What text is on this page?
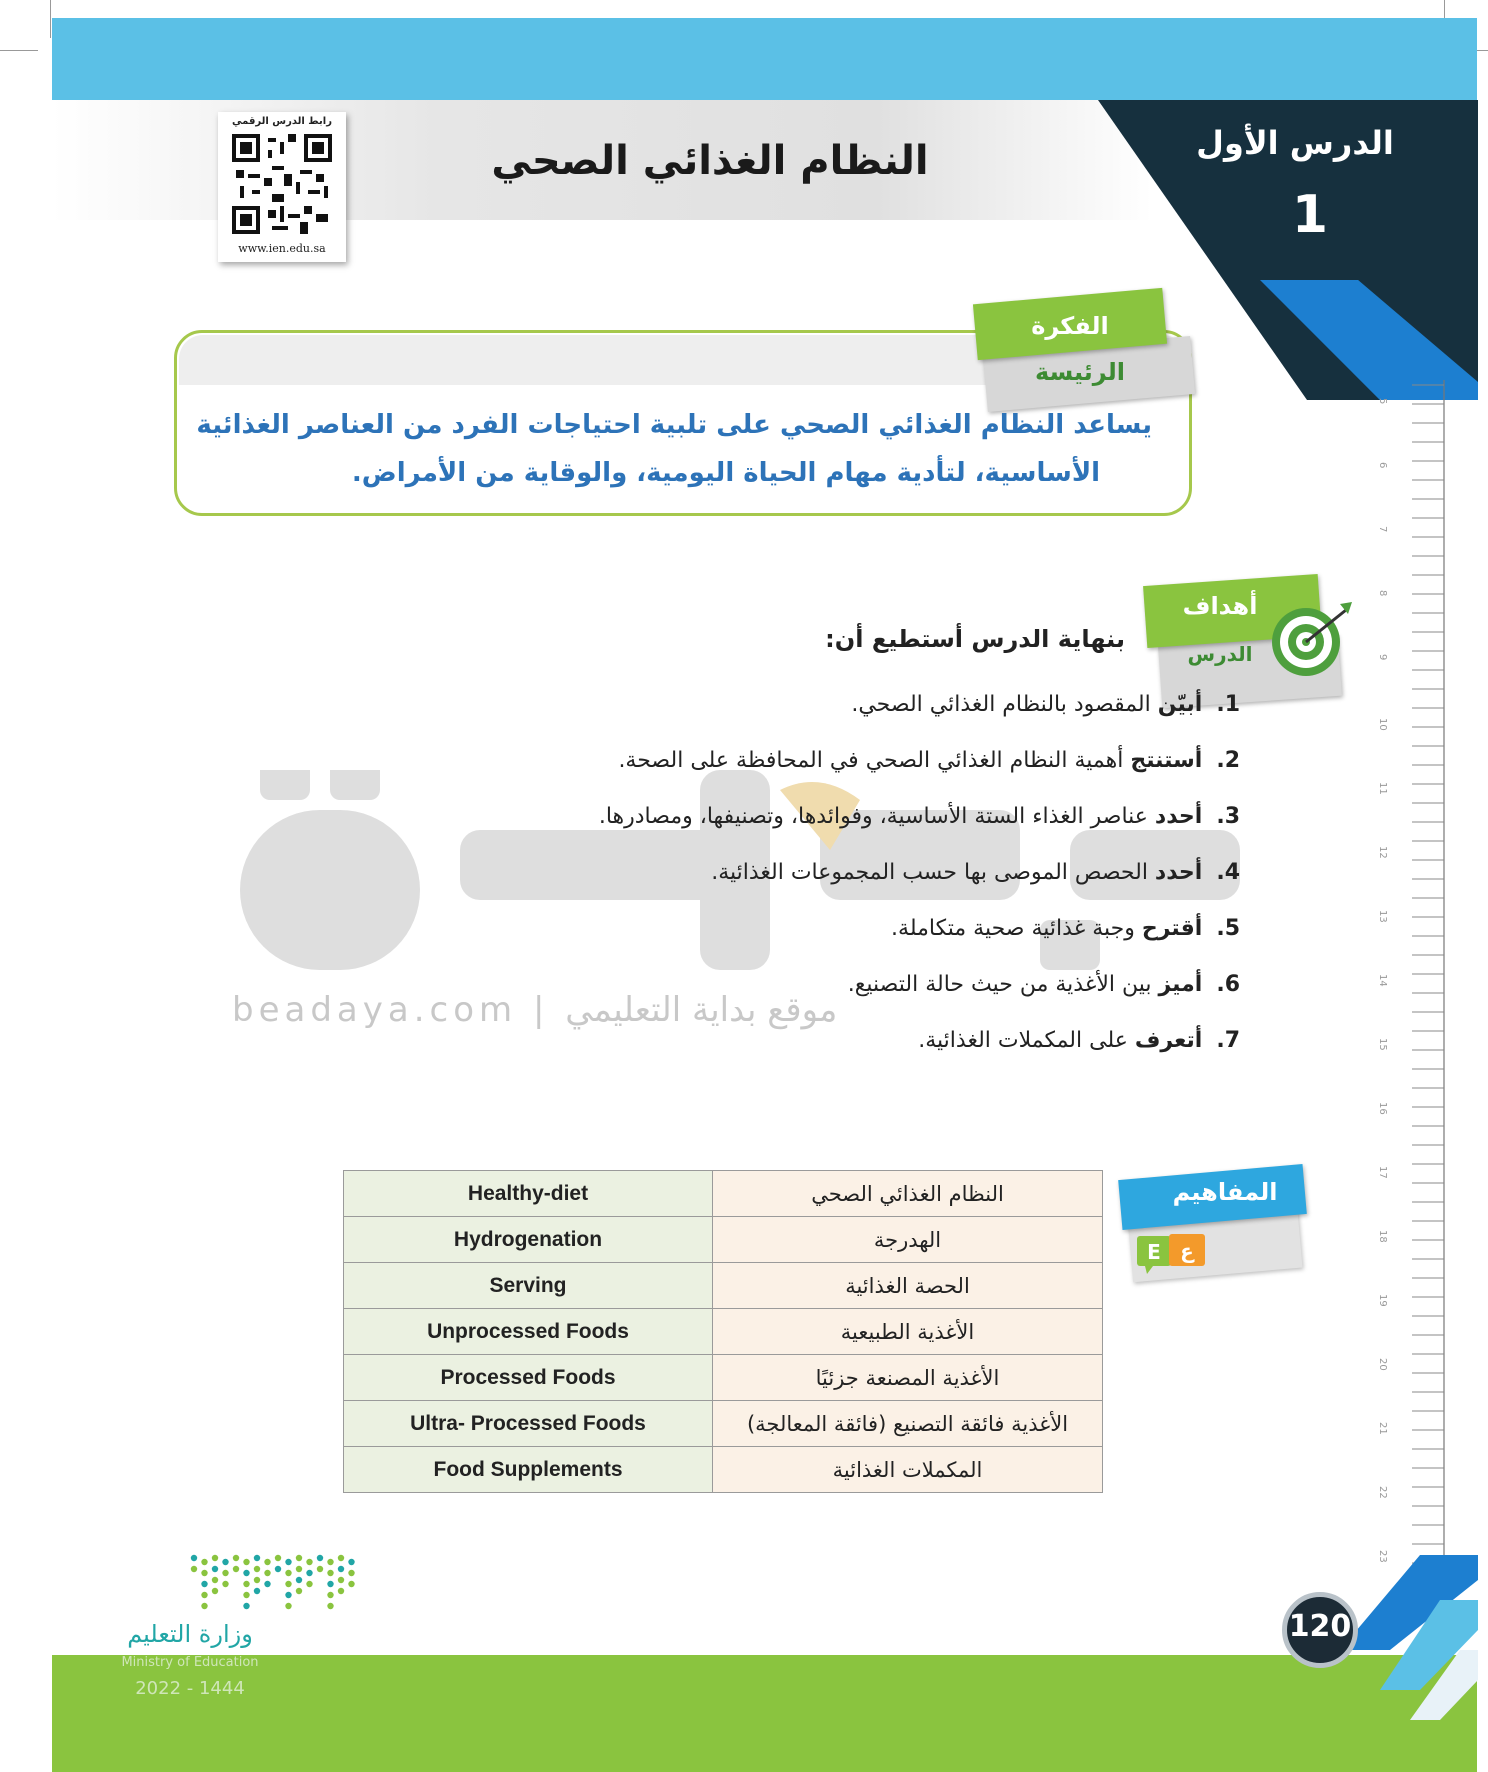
الدرس الأول
1
النظام الغذائي الصحي
رابط الدرس الرقمي
www.ien.edu.sa
الفكرة
الرئيسة
يساعد النظام الغذائي الصحي على تلبية احتياجات الفرد من العناصر الغذائية
الأساسية، لتأدية مهام الحياة اليومية، والوقاية من الأمراض.
beadaya.com | موقع بداية التعليمي
أهداف
الدرس
بنهاية الدرس أستطيع أن:
1.أبيّن المقصود بالنظام الغذائي الصحي.
2.أستنتج أهمية النظام الغذائي الصحي في المحافظة على الصحة.
3.أحدد عناصر الغذاء الستة الأساسية، وفوائدها، وتصنيفها، ومصادرها.
4.أحدد الحصص الموصى بها حسب المجموعات الغذائية.
5.أقترح وجبة غذائية صحية متكاملة.
6.أميز بين الأغذية من حيث حالة التصنيع.
7.أتعرف على المكملات الغذائية.
5
6
7
8
9
10
11
12
13
14
15
16
17
18
19
20
21
22
23
المفاهيم
E ع
Healthy-diet	النظام الغذائي الصحي
Hydrogenation	الهدرجة
Serving	الحصة الغذائية
Unprocessed Foods	الأغذية الطبيعية
Processed Foods	الأغذية المصنعة جزئيًا
Ultra- Processed Foods	الأغذية فائقة التصنيع (فائقة المعالجة)
Food Supplements	المكملات الغذائية
120
وزارة التعليم
Ministry of Education
2022 - 1444
